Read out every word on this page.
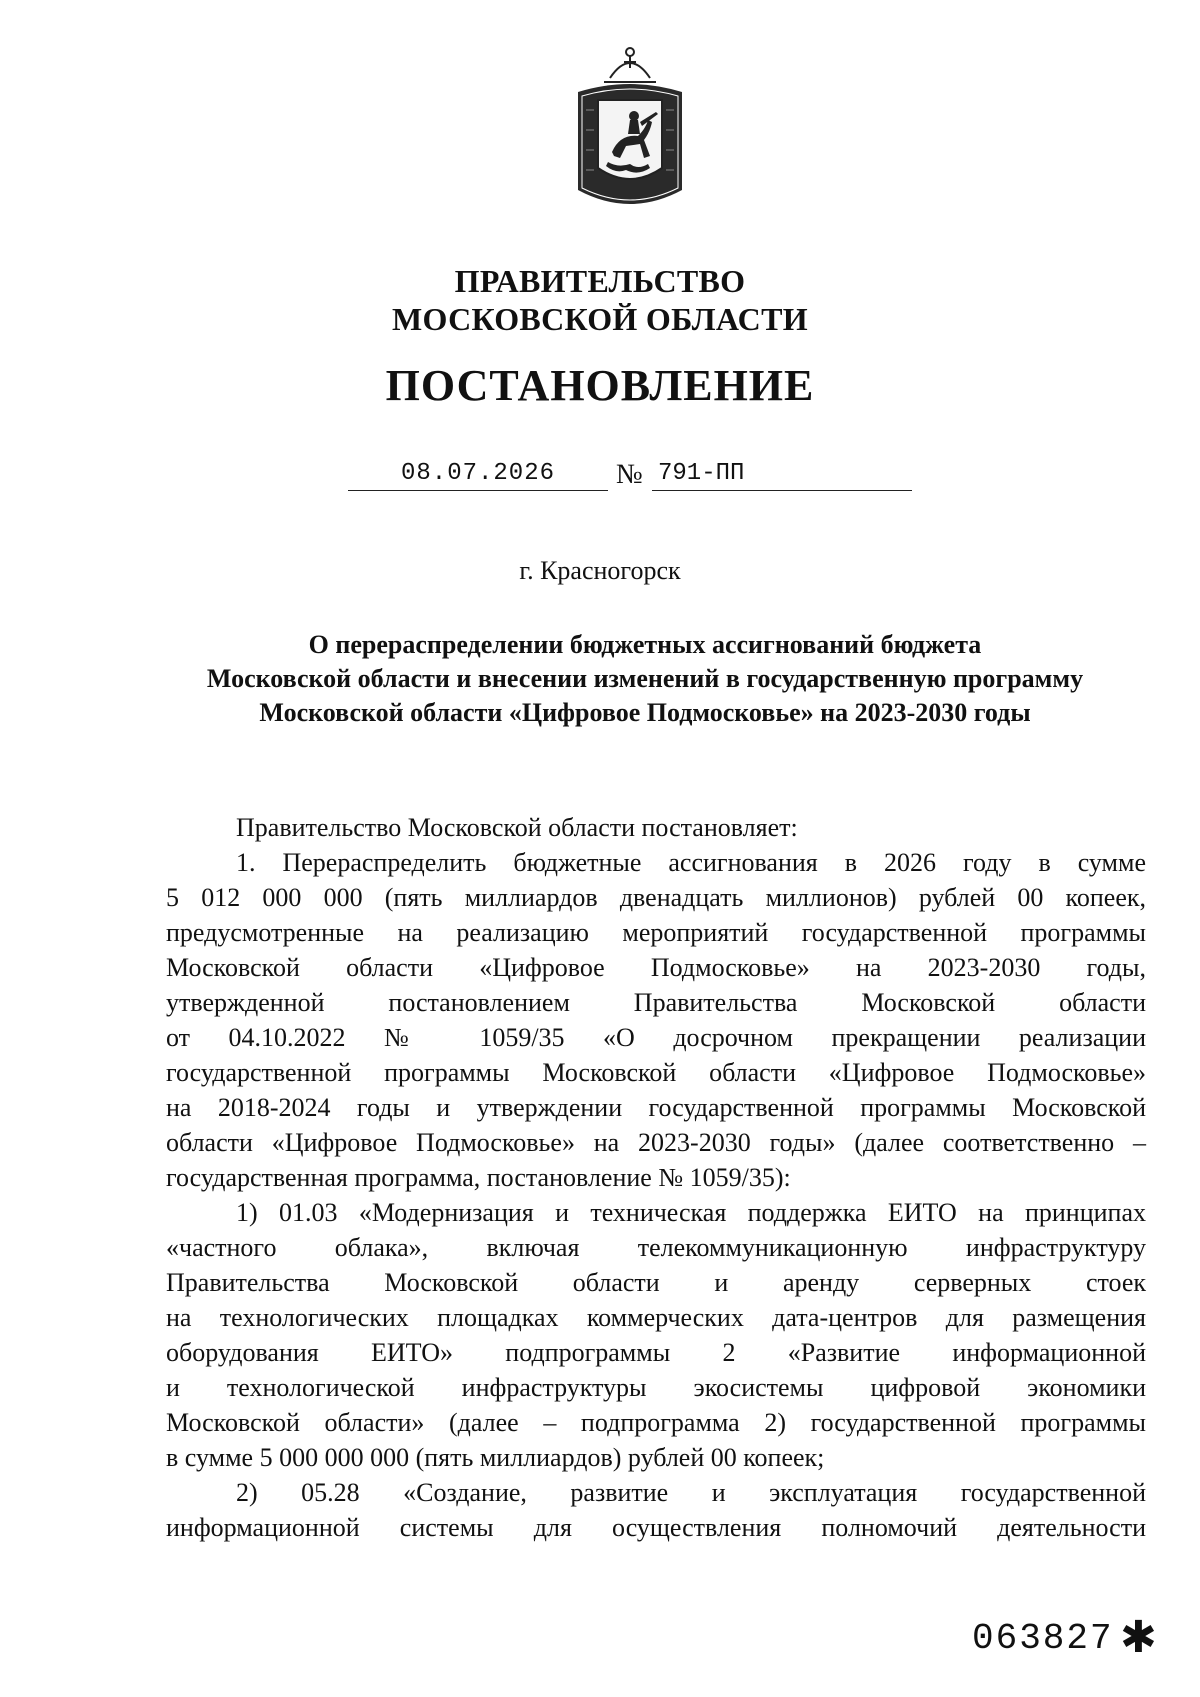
ПРАВИТЕЛЬСТВО
МОСКОВСКОЙ ОБЛАСТИ
ПОСТАНОВЛЕНИЕ
08.07.2026	№ 791-ПП
г. Красногорск
О перераспределении бюджетных ассигнований бюджета
Московской области и внесении изменений в государственную программу
Московской области «Цифровое Подмосковье» на 2023-2030 годы
Правительство Московской области постановляет:
1. Перераспределить бюджетные ассигнования в 2026 году в сумме
5 012 000 000 (пять миллиардов двенадцать миллионов) рублей 00 копеек,
предусмотренные на реализацию мероприятий государственной программы
Московской области «Цифровое Подмосковье» на 2023-2030 годы,
утвержденной постановлением Правительства Московской области
от 04.10.2022 № 1059/35 «О досрочном прекращении реализации
государственной программы Московской области «Цифровое Подмосковье»
на 2018-2024 годы и утверждении государственной программы Московской
области «Цифровое Подмосковье» на 2023-2030 годы» (далее соответственно –
государственная программа, постановление № 1059/35):
1) 01.03 «Модернизация и техническая поддержка ЕИТО на принципах
«частного облака», включая телекоммуникационную инфраструктуру
Правительства Московской области и аренду серверных стоек
на технологических площадках коммерческих дата-центров для размещения
оборудования ЕИТО» подпрограммы 2 «Развитие информационной
и технологической инфраструктуры экосистемы цифровой экономики
Московской области» (далее – подпрограмма 2) государственной программы
в сумме 5 000 000 000 (пять миллиардов) рублей 00 копеек;
2) 05.28 «Создание, развитие и эксплуатация государственной
информационной системы для осуществления полномочий деятельности
063827 ✱
